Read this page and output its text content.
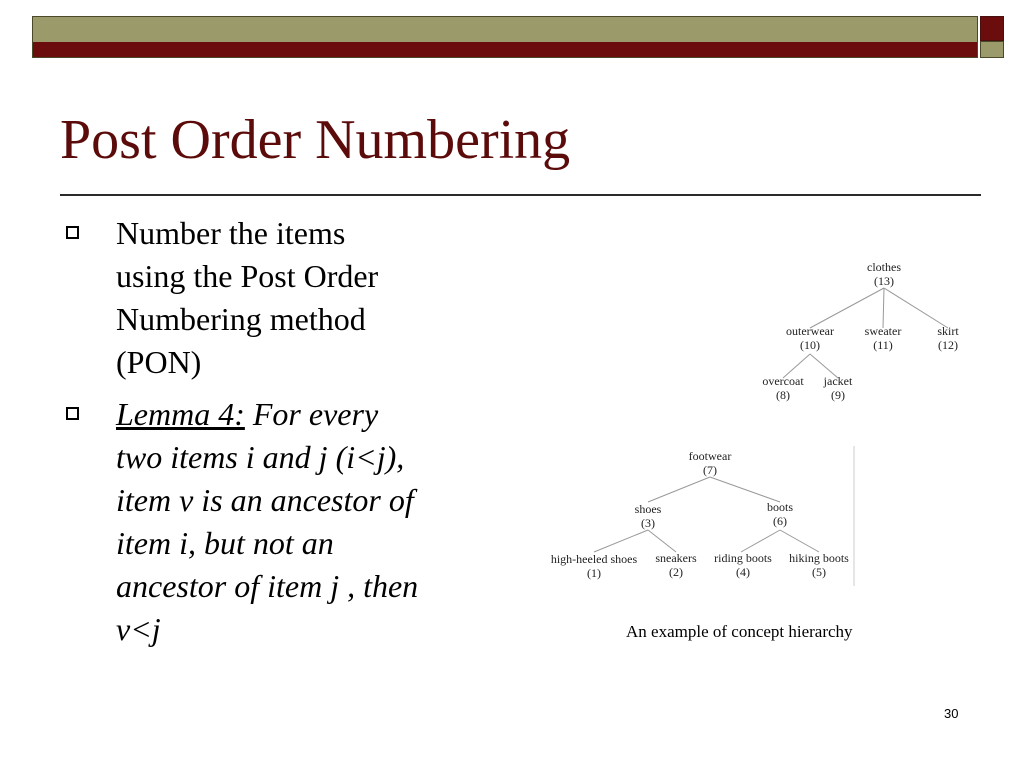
Post Order Numbering
Number the items
using the Post Order
Numbering method
(PON)
Lemma 4: For every
two items i and j (i<j),
item v is an ancestor of
item i, but not an
ancestor of item j , then
v<j
clothes
(13)
outerwear
(10)
sweater
(11)
skirt
(12)
overcoat
(8)
jacket
(9)
footwear
(7)
shoes
(3)
boots
(6)
high-heeled shoes
(1)
sneakers
(2)
riding boots
(4)
hiking boots
(5)
An example of concept hierarchy
30
